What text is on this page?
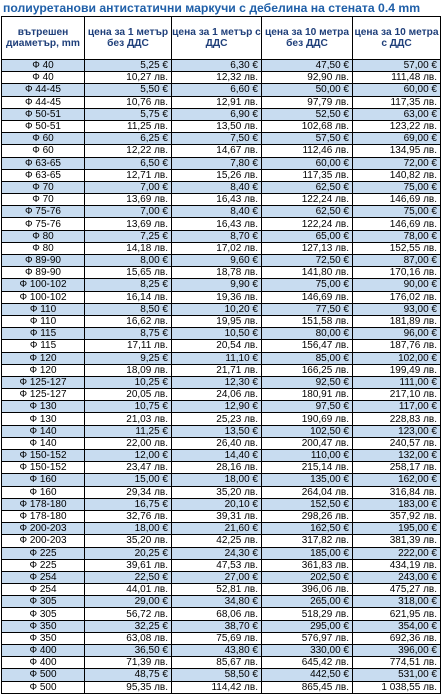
полиуретанови антистатични маркучи с дебелина на стената 0.4 mm
вътрешен диаметър, mm	цена за 1 метър без ДДС	цена за 1 метър с ДДС	цена за 10 метра без ДДС	цена за 10 метра с ДДС
Ф 40	5,25 €	6,30 €	47,50 €	57,00 €
Ф 40	10,27 лв.	12,32 лв.	92,90 лв.	111,48 лв.
Ф 44-45	5,50 €	6,60 €	50,00 €	60,00 €
Ф 44-45	10,76 лв.	12,91 лв.	97,79 лв.	117,35 лв.
Ф 50-51	5,75 €	6,90 €	52,50 €	63,00 €
Ф 50-51	11,25 лв.	13,50 лв.	102,68 лв.	123,22 лв.
Ф 60	6,25 €	7,50 €	57,50 €	69,00 €
Ф 60	12,22 лв.	14,67 лв.	112,46 лв.	134,95 лв.
Ф 63-65	6,50 €	7,80 €	60,00 €	72,00 €
Ф 63-65	12,71 лв.	15,26 лв.	117,35 лв.	140,82 лв.
Ф 70	7,00 €	8,40 €	62,50 €	75,00 €
Ф 70	13,69 лв.	16,43 лв.	122,24 лв.	146,69 лв.
Ф 75-76	7,00 €	8,40 €	62,50 €	75,00 €
Ф 75-76	13,69 лв.	16,43 лв.	122,24 лв.	146,69 лв.
Ф 80	7,25 €	8,70 €	65,00 €	78,00 €
Ф 80	14,18 лв.	17,02 лв.	127,13 лв.	152,55 лв.
Ф 89-90	8,00 €	9,60 €	72,50 €	87,00 €
Ф 89-90	15,65 лв.	18,78 лв.	141,80 лв.	170,16 лв.
Ф 100-102	8,25 €	9,90 €	75,00 €	90,00 €
Ф 100-102	16,14 лв.	19,36 лв.	146,69 лв.	176,02 лв.
Ф 110	8,50 €	10,20 €	77,50 €	93,00 €
Ф 110	16,62 лв.	19,95 лв.	151,58 лв.	181,89 лв.
Ф 115	8,75 €	10,50 €	80,00 €	96,00 €
Ф 115	17,11 лв.	20,54 лв.	156,47 лв.	187,76 лв.
Ф 120	9,25 €	11,10 €	85,00 €	102,00 €
Ф 120	18,09 лв.	21,71 лв.	166,25 лв.	199,49 лв.
Ф 125-127	10,25 €	12,30 €	92,50 €	111,00 €
Ф 125-127	20,05 лв.	24,06 лв.	180,91 лв.	217,10 лв.
Ф 130	10,75 €	12,90 €	97,50 €	117,00 €
Ф 130	21,03 лв.	25,23 лв.	190,69 лв.	228,83 лв.
Ф 140	11,25 €	13,50 €	102,50 €	123,00 €
Ф 140	22,00 лв.	26,40 лв.	200,47 лв.	240,57 лв.
Ф 150-152	12,00 €	14,40 €	110,00 €	132,00 €
Ф 150-152	23,47 лв.	28,16 лв.	215,14 лв.	258,17 лв.
Ф 160	15,00 €	18,00 €	135,00 €	162,00 €
Ф 160	29,34 лв.	35,20 лв.	264,04 лв.	316,84 лв.
Ф 178-180	16,75 €	20,10 €	152,50 €	183,00 €
Ф 178-180	32,76 лв.	39,31 лв.	298,26 лв.	357,92 лв.
Ф 200-203	18,00 €	21,60 €	162,50 €	195,00 €
Ф 200-203	35,20 лв.	42,25 лв.	317,82 лв.	381,39 лв.
Ф 225	20,25 €	24,30 €	185,00 €	222,00 €
Ф 225	39,61 лв.	47,53 лв.	361,83 лв.	434,19 лв.
Ф 254	22,50 €	27,00 €	202,50 €	243,00 €
Ф 254	44,01 лв.	52,81 лв.	396,06 лв.	475,27 лв.
Ф 305	29,00 €	34,80 €	265,00 €	318,00 €
Ф 305	56,72 лв.	68,06 лв.	518,29 лв.	621,95 лв.
Ф 350	32,25 €	38,70 €	295,00 €	354,00 €
Ф 350	63,08 лв.	75,69 лв.	576,97 лв.	692,36 лв.
Ф 400	36,50 €	43,80 €	330,00 €	396,00 €
Ф 400	71,39 лв.	85,67 лв.	645,42 лв.	774,51 лв.
Ф 500	48,75 €	58,50 €	442,50 €	531,00 €
Ф 500	95,35 лв.	114,42 лв.	865,45 лв.	1 038,55 лв.
